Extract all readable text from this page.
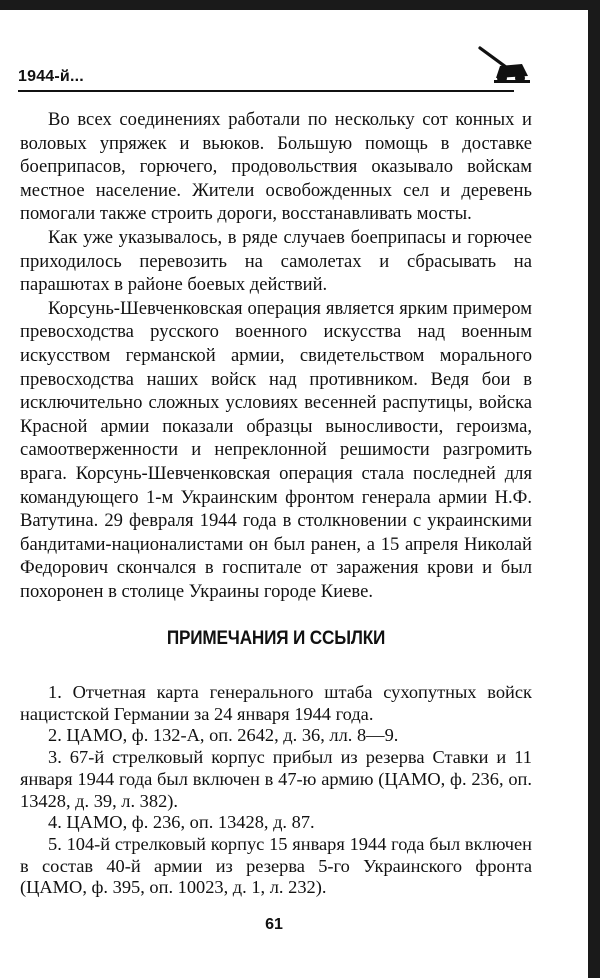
1944-й...

Во всех соединениях работали по нескольку сот конных и воловых упряжек и вьюков. Большую помощь в доставке боеприпасов, горючего, продовольствия оказывало войскам местное население. Жители освобожденных сел и деревень помогали также строить дороги, восстанавливать мосты.

Как уже указывалось, в ряде случаев боеприпасы и горючее приходилось перевозить на самолетах и сбрасывать на парашютах в районе боевых действий.

Корсунь-Шевченковская операция является ярким примером превосходства русского военного искусства над военным искусством германской армии, свидетельством морального превосходства наших войск над противником. Ведя бои в исключительно сложных условиях весенней распутицы, войска Красной армии показали образцы выносливости, героизма, самоотверженности и непреклонной решимости разгромить врага. Корсунь-Шевченковская операция стала последней для командующего 1-м Украинским фронтом генерала армии Н.Ф. Ватутина. 29 февраля 1944 года в столкновении с украинскими бандитами-националистами он был ранен, а 15 апреля Николай Федорович скончался в госпитале от заражения крови и был похоронен в столице Украины городе Киеве.

ПРИМЕЧАНИЯ И ССЫЛКИ

1. Отчетная карта генерального штаба сухопутных войск нацистской Германии за 24 января 1944 года.

2. ЦАМО, ф. 132-А, оп. 2642, д. 36, лл. 8—9.

3. 67-й стрелковый корпус прибыл из резерва Ставки и 11 января 1944 года был включен в 47-ю армию (ЦАМО, ф. 236, оп. 13428, д. 39, л. 382).

4. ЦАМО, ф. 236, оп. 13428, д. 87.

5. 104-й стрелковый корпус 15 января 1944 года был включен в состав 40-й армии из резерва 5-го Украинского фронта (ЦАМО, ф. 395, оп. 10023, д. 1, л. 232).

61
